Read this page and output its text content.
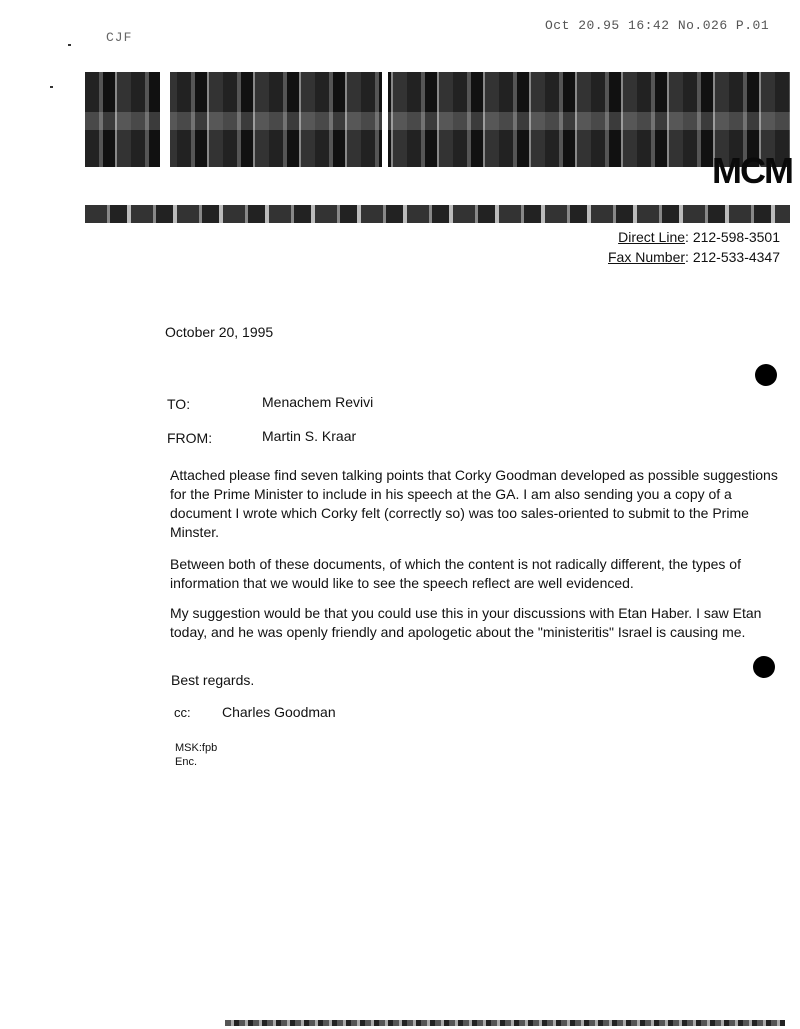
Oct 20.95 16:42 No.026 P.01
CJF
MCM
Direct Line: 212-598-3501
Fax Number: 212-533-4347
October 20, 1995
TO:	Menachem Revivi
FROM:	Martin S. Kraar

Attached please find seven talking points that Corky Goodman developed as possible suggestions for the Prime Minister to include in his speech at the GA. I am also sending you a copy of a document I wrote which Corky felt (correctly so) was too sales-oriented to submit to the Prime Minster.

Between both of these documents, of which the content is not radically different, the types of information that we would like to see the speech reflect are well evidenced.

My suggestion would be that you could use this in your discussions with Etan Haber. I saw Etan today, and he was openly friendly and apologetic about the "ministeritis" Israel is causing me.

Best regards.
cc: Charles Goodman
MSK:fpb
Enc.
